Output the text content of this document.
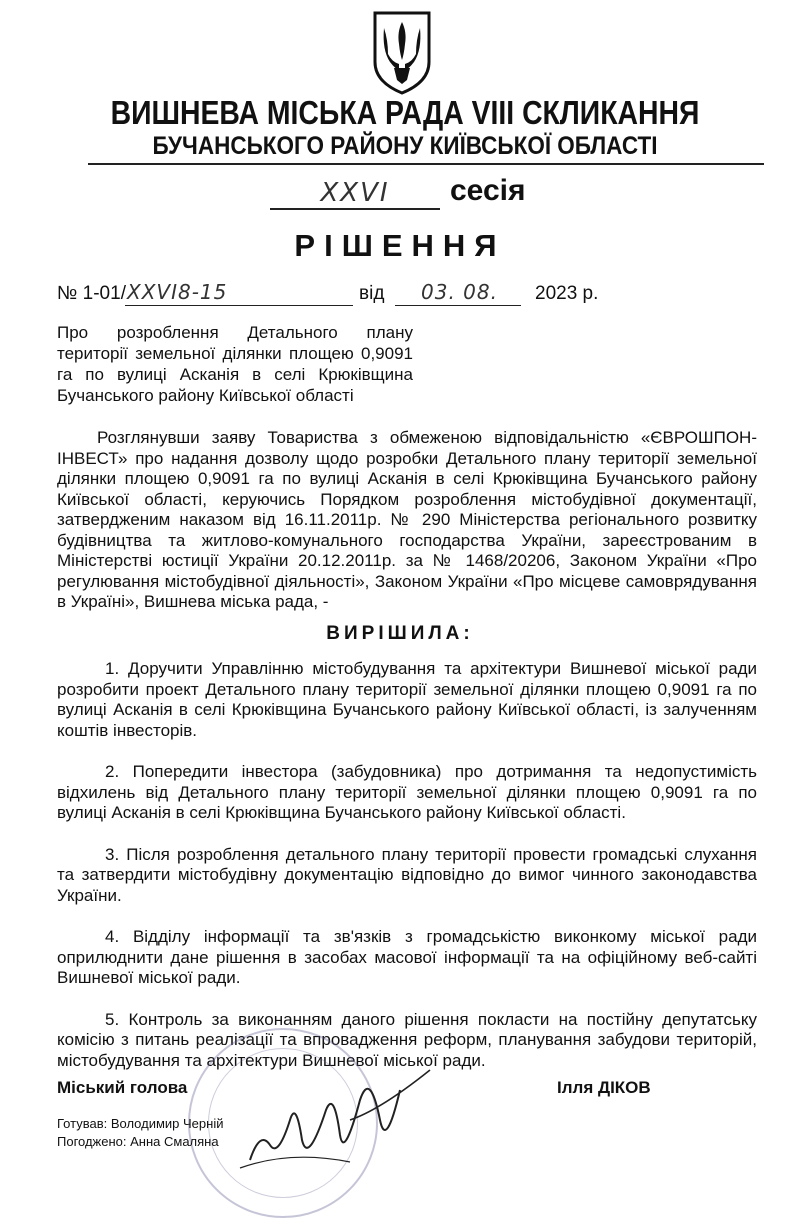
ВИШНЕВА МІСЬКА РАДА VIII СКЛИКАННЯ
БУЧАНСЬКОГО РАЙОНУ КИЇВСЬКОЇ ОБЛАСТІ
XXVI	сесія
РІШЕННЯ
№ 1-01/ XXVI8-15	від	03. 08.	2023 р.
Про розроблення Детального плану території земельної ділянки площею 0,9091 га по вулиці Асканія в селі Крюківщина Бучанського району Київської області
Розглянувши заяву Товариства з обмеженою відповідальністю «ЄВРОШПОН-ІНВЕСТ» про надання дозволу щодо розробки Детального плану території земельної ділянки площею 0,9091 га по вулиці Асканія в селі Крюківщина Бучанського району Київської області, керуючись Порядком розроблення містобудівної документації, затвердженим наказом від 16.11.2011р. № 290 Міністерства регіонального розвитку будівництва та житлово-комунального господарства України, зареєстрованим в Міністерстві юстиції України 20.12.2011р. за № 1468/20206, Законом України «Про регулювання містобудівної діяльності», Законом України «Про місцеве самоврядування в Україні», Вишнева міська рада, -
ВИРІШИЛА:

1. Доручити Управлінню містобудування та архітектури Вишневої міської ради розробити проект Детального плану території земельної ділянки площею 0,9091 га по вулиці Асканія в селі Крюківщина Бучанського району Київської області, із залученням коштів інвесторів.

2. Попередити інвестора (забудовника) про дотримання та недопустимість відхилень від Детального плану території земельної ділянки площею 0,9091 га по вулиці Асканія в селі Крюківщина Бучанського району Київської області.

3. Після розроблення детального плану території провести громадські слухання та затвердити містобудівну документацію відповідно до вимог чинного законодавства України.

4. Відділу інформації та зв'язків з громадськістю виконкому міської ради оприлюднити дане рішення в засобах масової інформації та на офіційному веб-сайті Вишневої міської ради.

5. Контроль за виконанням даного рішення покласти на постійну депутатську комісію з питань реалізації та впровадження реформ, планування забудови територій, містобудування та архітектури Вишневої міської ради.

Міський голова	Ілля ДІКОВ
Готував: Володимир Черній
Погоджено: Анна Смалянa
